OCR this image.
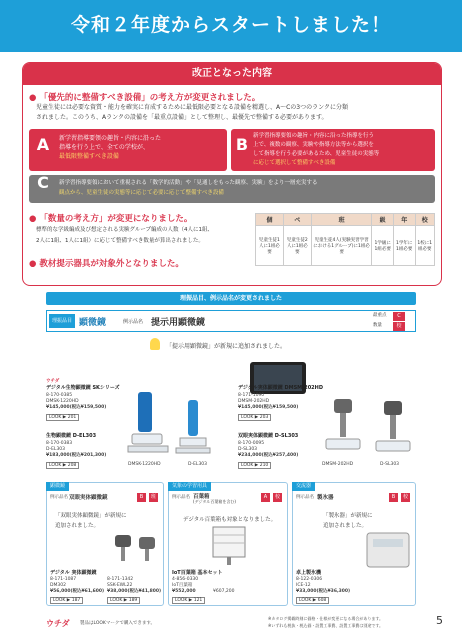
令和２年度からスタートしました！
改正となった内容
● 「優先的に整備すべき設備」の考え方が変更されました。
児童生徒には必要な資質・能力を確実に育成するために最低限必要となる設備を精選し、A～Cの3つのランクに分類
されました。このうち、Aランクの設備を「最重点設備」として整理し、最優先で整備する必要があります。
A	新学習指導要領の趣旨・内容に沿った
指導を行う上で、全ての学校が、
最低限整備すべき設備
B 新学習指導要領の趣旨・内容に沿った指導を行う
上で、複数の観察、実験や指導方法等から選択を
して指導を行う必要があるため、児童生徒の実態等
に応じて選択して整備すべき設備
C	新学習指導要領において重視される「数学的活動」や「見通しをもった観察、実験」をより一層充実する
観点から、児童生徒の実態等に応じて必要に応じて整備すべき設備
● 「数量の考え方」が変更になりました。
標準的な学級編成及び想定される実験グループ編成の人数（4人に1組、
2人に1組、1人に1組）に応じて整備すべき数量が算出されました。
● 教材提示器具が対象外となりました。
個	ペ	班	級	年	校
児童生徒1人に1組必要	児童生徒2人に1組必要	児童生徒4人(実験実習学習における1グループ)に1組必要	1学級に1組必要	1学年に1組必要	1校に1組必要
理振品目、例示品名が変更されました
理振品目 顕微鏡	例示品名 提示用顕微鏡
最重点	C
数量	校
「提示用顕微鏡」が新規に追加されました。
ウチダ
デジタル生物顕微鏡 SKシリーズ
8-170-0385
DMSK-1220HD
¥145,000(税込¥159,500)
LOOK ▶ 201
生物顕微鏡 D-EL303
8-170-0383
D-EL303
¥183,000(税込¥201,300)
LOOK ▶ 208	DMSK-1220HD	D-EL303
デジタル実体顕微鏡 DMSM-202HD
8-171-1090
DMSM-202HD
¥145,000(税込¥159,500)
LOOK ▶ 203
双眼実体顕微鏡 D-SL303
8-170-0095
D-SL303
¥234,000(税込¥257,400)
LOOK ▶ 210	DMSM-202HD	D-SL303
顕微鏡
例示品名 双眼実体顕微鏡	B	班
「双眼実体顕微鏡」が新規に
追加されました。
デジタル 実体顕微鏡
8-171-1087	8-171-1342
DM302	SSK-EWL22
¥56,000(税込¥61,600) ¥38,000(税込¥41,800)
LOOK ▶ 187	LOOK ▶ 189
気象の学習用具
例示品名 百葉箱
(デジタル百葉箱を含む)
A	校
デジタル百葉箱も対象となりました。
IoT百葉箱 基本セット
4-856-0330
IoT百葉箱
¥552,000	¥607,200
LOOK ▶ 121
交流器
例示品名 製氷器	B	校
「製氷器」が新規に
追加されました。
卓上製氷機
8-122-0306
ICE-12
¥33,000(税込¥36,300)
LOOK ▶ 608
ウチダ 製品はLOOKマークで購入できます。
※カタログ掲載時刻に価格・仕様が変更になる場合があります。
※いずれも税抜・税込価・設置工事費、設置工事費は別途です。	5
